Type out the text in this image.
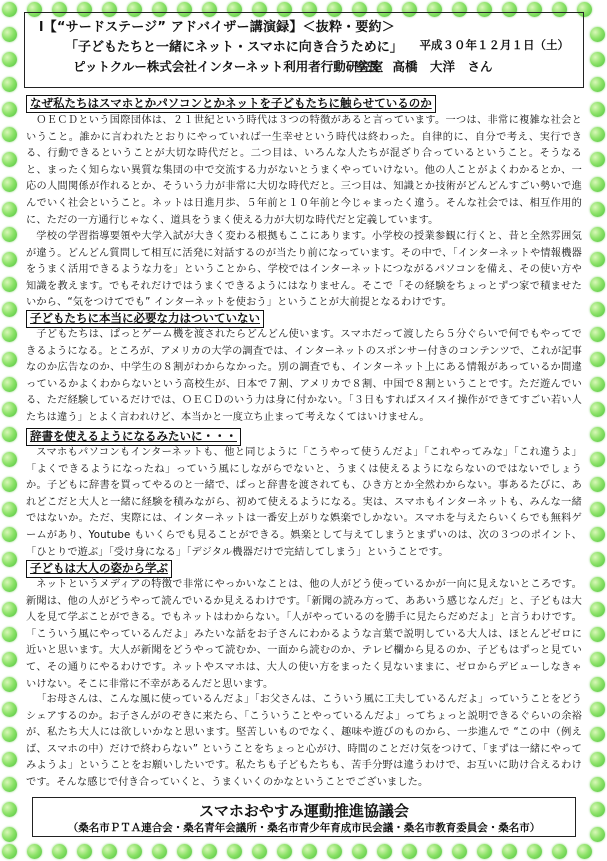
l【“サードステージ” アドバイザー講演録】＜抜粋・要約＞
「子どもたちと一緒にネット・スマホに向き合うために」 平成３０年１２月１日（土）
ピットクルー株式会社インターネット利用者行動研究室
室長　高橋　大洋　さん
なぜ私たちはスマホとかパソコンとかネットを子どもたちに触らせているのか
ＯＥＣＤという国際団体は、２１世紀という時代は３つの特徴があると言っています。一つは、非常に複雑な社会ということ。誰かに言われたとおりにやっていれば一生幸せという時代は終わった。自律的に、自分で考え、実行できる、行動できるということが大切な時代だと。二つ目は、いろんな人たちが混ざり合っているということ。そうなると、まったく知らない異質な集団の中で交流する力がないとうまくやっていけない。他の人ことがよくわかるとか、一応の人間関係が作れるとか、そういう力が非常に大切な時代だと。三つ目は、知識とか技術がどんどんすごい勢いで進んでいく社会ということ。ネットは日進月歩、５年前と１０年前と今じゃまったく違う。そんな社会では、相互作用的に、ただの一方通行じゃなく、道具をうまく使える力が大切な時代だと定義しています。
学校の学習指導要領や大学入試が大きく変わる根拠もここにあります。小学校の授業参観に行くと、昔と全然雰囲気が違う。どんどん質問して相互に活発に対話するのが当たり前になっています。その中で、「インターネットや情報機器をうまく活用できるような力を」ということから、学校ではインターネットにつながるパソコンを備え、その使い方や知識を教えます。でもそれだけではうまくできるようにはなりません。そこで「その経験をちょっとずつ家で積ませたいから、“気をつけてでも” インターネットを使おう」ということが大前提となるわけです。
子どもたちに本当に必要な力はついていない
子どもたちは、ぱっとゲーム機を渡されたらどんどん使います。スマホだって渡したら５分ぐらいで何でもやってできるようになる。ところが、アメリカの大学の調査では、インターネットのスポンサー付きのコンテンツで、これが記事なのか広告なのか、中学生の８割がわからなかった。別の調査でも、インターネット上にある情報があっているか間違っているかよくわからないという高校生が、日本で７割、アメリカで８割、中国で８割ということです。ただ遊んでいる、ただ経験しているだけでは、ＯＥＣＤのいう力は身に付かない。「３日もすればスイスイ操作ができてすごい若い人たちは違う」とよく言われけど、本当かと一度立ち止まって考えなくてはいけません。
辞書を使えるようになるみたいに・・・
スマホもパソコンもインターネットも、他と同じように「こうやって使うんだよ」「これやってみな」「これ違うよ」「よくできるようになったね」っていう風にしながらでないと、うまくは使えるようにならないのではないでしょうか。子どもに辞書を買ってやるのと一緒で、ぱっと辞書を渡されても、ひき方とか全然わからない。事あるたびに、あれどこだと大人と一緒に経験を積みながら、初めて使えるようになる。実は、スマホもインターネットも、みんな一緒ではないか。ただ、実際には、インターネットは一番安上がりな娯楽でしかない。スマホを与えたらいくらでも無料ゲームがあり、Youtube もいくらでも見ることができる。娯楽として与えてしまうとまずいのは、次の３つのポイント、「ひとりで遊ぶ」「受け身になる」「デジタル機器だけで完結してしまう」ということです。
子どもは大人の姿から学ぶ
ネットというメディアの特徴で非常にやっかいなことは、他の人がどう使っているかが一向に見えないところです。新聞は、他の人がどうやって読んでいるか見えるわけです。「新聞の読み方って、ああいう感じなんだ」と、子どもは大人を見て学ぶことができる。でもネットはわからない。「人がやっているのを勝手に見たらだめだよ」と言うわけです。「こういう風にやっているんだよ」みたいな話をお子さんにわかるような言葉で説明している大人は、ほとんどゼロに近いと思います。大人が新聞をどうやって読むか、一面から読むのか、テレビ欄から見るのか、子どもはずっと見ていて、その通りにやるわけです。ネットやスマホは、大人の使い方をまったく見ないままに、ゼロからデビューしなきゃいけない。そこに非常に不幸があるんだと思います。
「お母さんは、こんな風に使っているんだよ」「お父さんは、こういう風に工夫しているんだよ」っていうことをどうシェアするのか。お子さんがのぞきに来たら、「こういうことやっているんだよ」ってちょっと説明できるぐらいの余裕が、私たち大人には欲しいかなと思います。堅苦しいものでなく、趣味や遊びのものから、一歩進んで “この中（例えば、スマホの中）だけで終わらない” ということをちょっと心がけ、時間のことだけ気をつけて、「まずは一緒にやってみようよ」ということをお願いしたいです。私たちも子どもたちも、苦手分野は違うわけで、お互いに助け合えるわけです。そんな感じで付き合っていくと、うまくいくのかなということでございました。
スマホおやすみ運動推進協議会
（桑名市ＰＴＡ連合会・桑名青年会議所・桑名市青少年育成市民会議・桑名市教育委員会・桑名市）
